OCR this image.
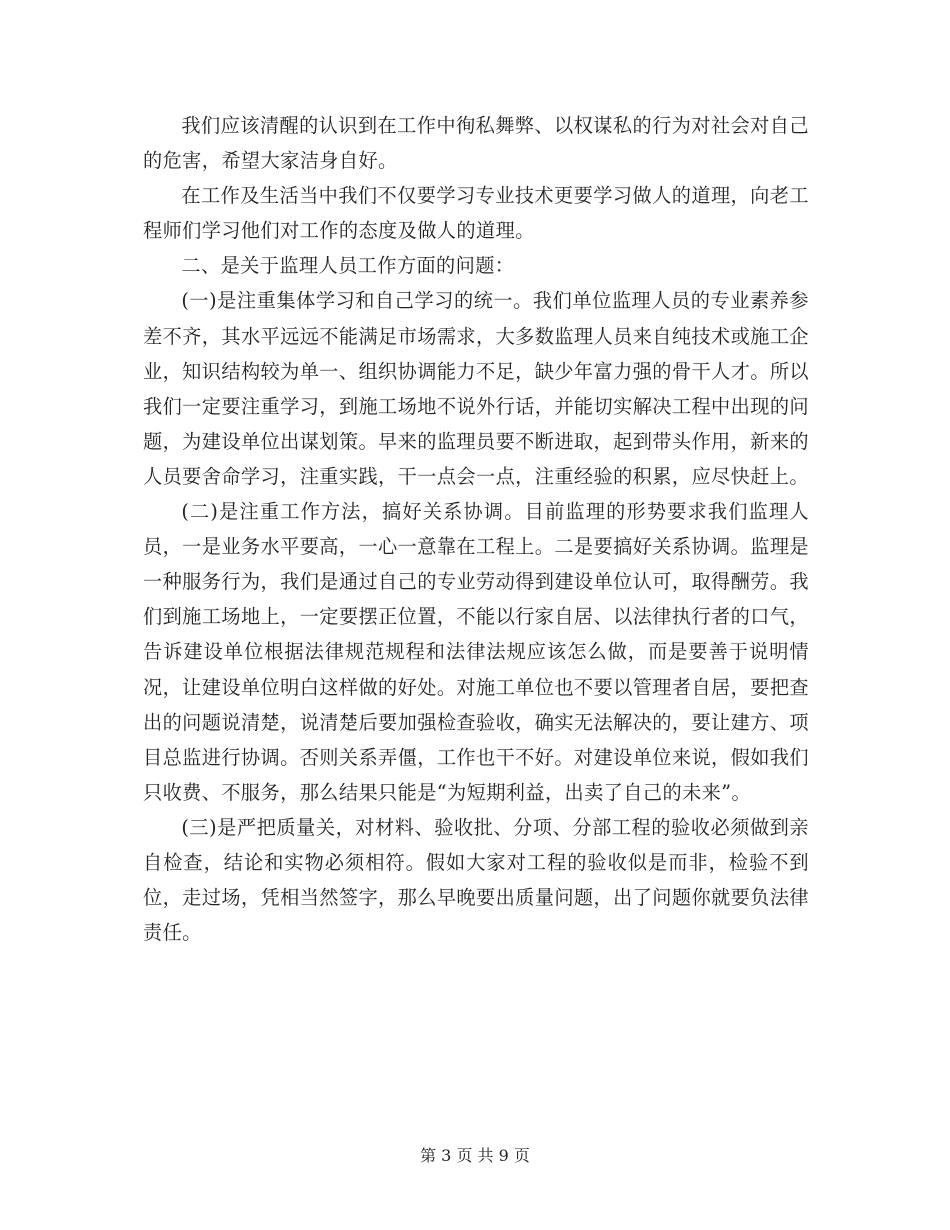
我们应该清醒的认识到在工作中徇私舞弊、以权谋私的行为对社会对自己的危害，希望大家洁身自好。

在工作及生活当中我们不仅要学习专业技术更要学习做人的道理，向老工程师们学习他们对工作的态度及做人的道理。

二、是关于监理人员工作方面的问题：

(一)是注重集体学习和自己学习的统一。我们单位监理人员的专业素养参差不齐，其水平远远不能满足市场需求，大多数监理人员来自纯技术或施工企业，知识结构较为单一、组织协调能力不足，缺少年富力强的骨干人才。所以我们一定要注重学习，到施工场地不说外行话，并能切实解决工程中出现的问题，为建设单位出谋划策。早来的监理员要不断进取，起到带头作用，新来的人员要舍命学习，注重实践，干一点会一点，注重经验的积累，应尽快赶上。

(二)是注重工作方法，搞好关系协调。目前监理的形势要求我们监理人员，一是业务水平要高，一心一意靠在工程上。二是要搞好关系协调。监理是一种服务行为，我们是通过自己的专业劳动得到建设单位认可，取得酬劳。我们到施工场地上，一定要摆正位置，不能以行家自居、以法律执行者的口气，告诉建设单位根据法律规范规程和法律法规应该怎么做，而是要善于说明情况，让建设单位明白这样做的好处。对施工单位也不要以管理者自居，要把查出的问题说清楚，说清楚后要加强检查验收，确实无法解决的，要让建方、项目总监进行协调。否则关系弄僵，工作也干不好。对建设单位来说，假如我们只收费、不服务，那么结果只能是“为短期利益，出卖了自己的未来”。

(三)是严把质量关，对材料、验收批、分项、分部工程的验收必须做到亲自检查，结论和实物必须相符。假如大家对工程的验收似是而非，检验不到位，走过场，凭相当然签字，那么早晚要出质量问题，出了问题你就要负法律责任。

第 3 页 共 9 页
